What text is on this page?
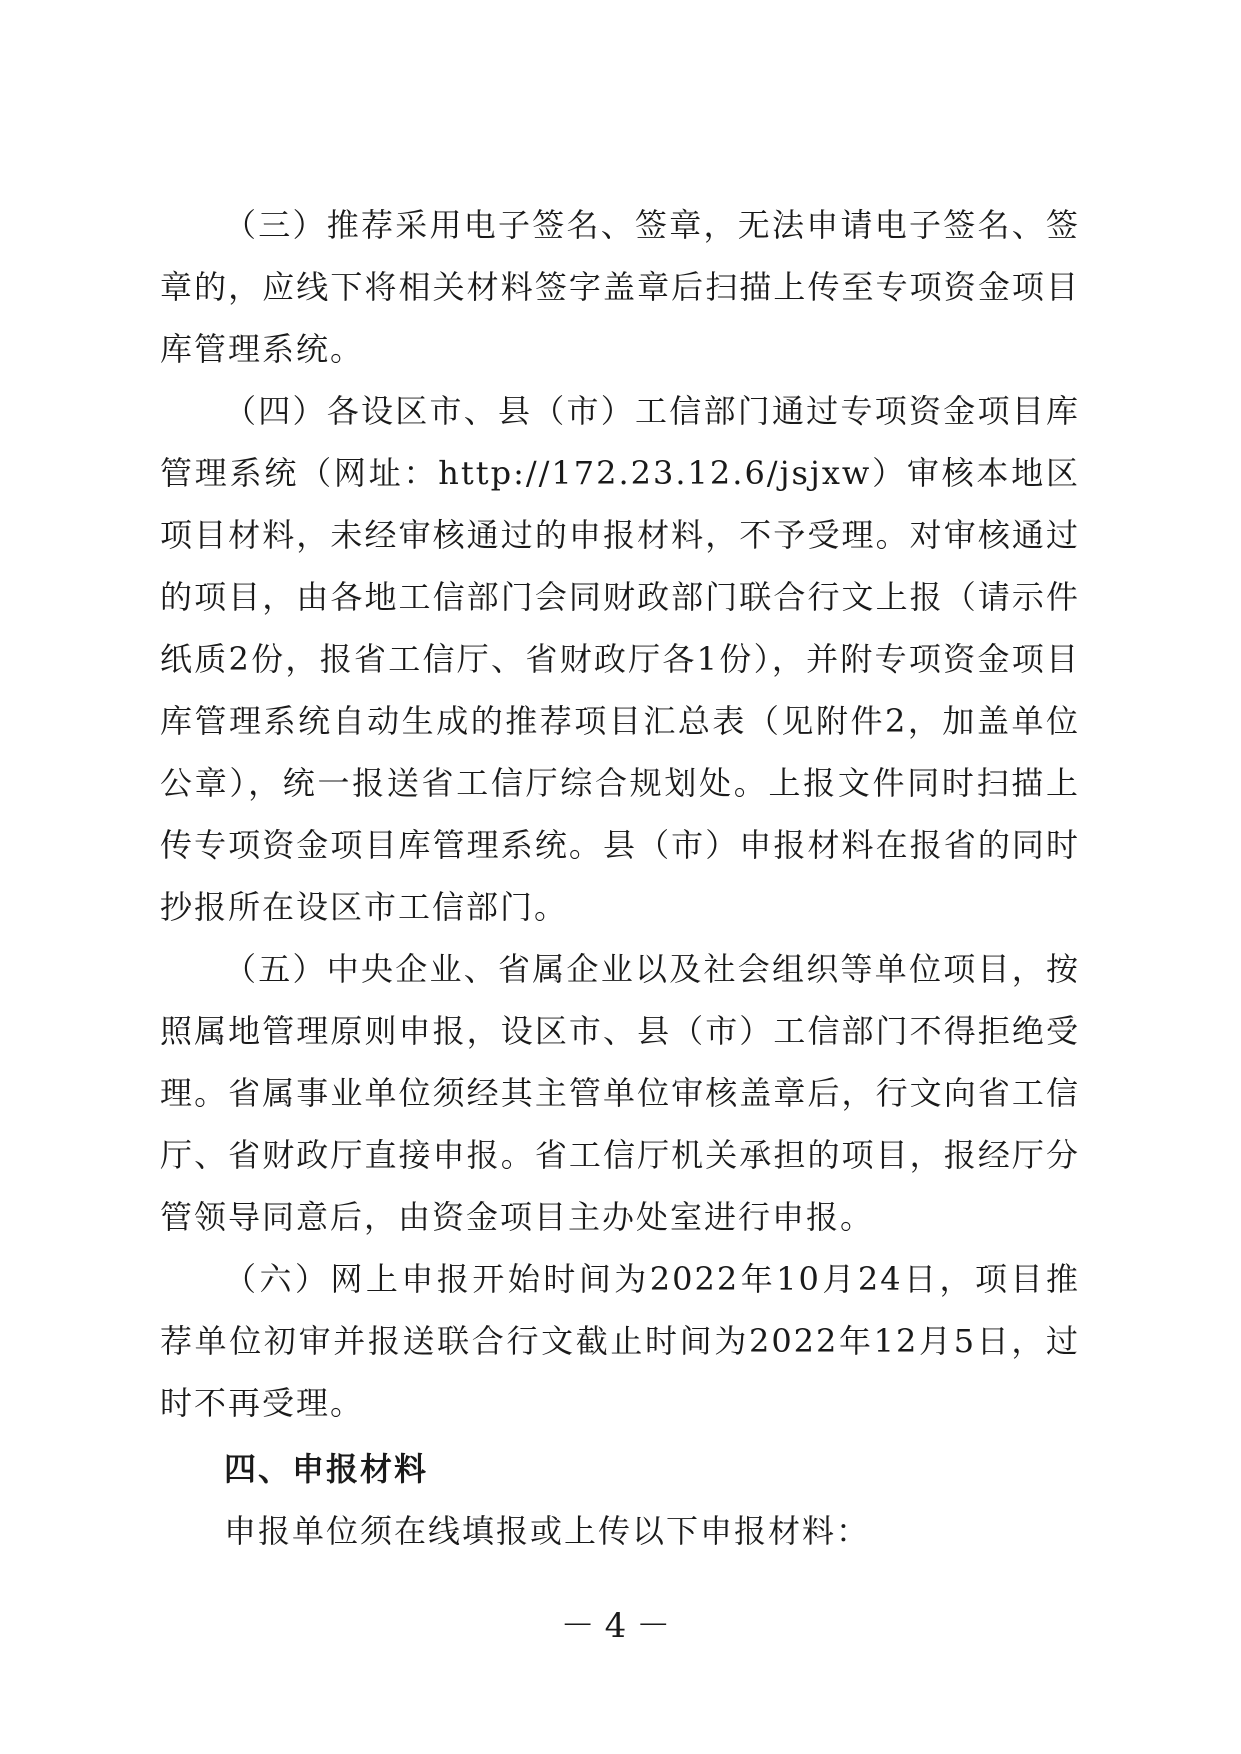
（三）推荐采用电子签名、签章，无法申请电子签名、签章的，应线下将相关材料签字盖章后扫描上传至专项资金项目库管理系统。

（四）各设区市、县（市）工信部门通过专项资金项目库管理系统（网址：http://172.23.12.6/jsjxw）审核本地区项目材料，未经审核通过的申报材料，不予受理。对审核通过的项目，由各地工信部门会同财政部门联合行文上报（请示件纸质2份，报省工信厅、省财政厅各1份），并附专项资金项目库管理系统自动生成的推荐项目汇总表（见附件2，加盖单位公章），统一报送省工信厅综合规划处。上报文件同时扫描上传专项资金项目库管理系统。县（市）申报材料在报省的同时抄报所在设区市工信部门。

（五）中央企业、省属企业以及社会组织等单位项目，按照属地管理原则申报，设区市、县（市）工信部门不得拒绝受理。省属事业单位须经其主管单位审核盖章后，行文向省工信厅、省财政厅直接申报。省工信厅机关承担的项目，报经厅分管领导同意后，由资金项目主办处室进行申报。

（六）网上申报开始时间为2022年10月24日，项目推荐单位初审并报送联合行文截止时间为2022年12月5日，过时不再受理。

四、申报材料

申报单位须在线填报或上传以下申报材料：

－4－
